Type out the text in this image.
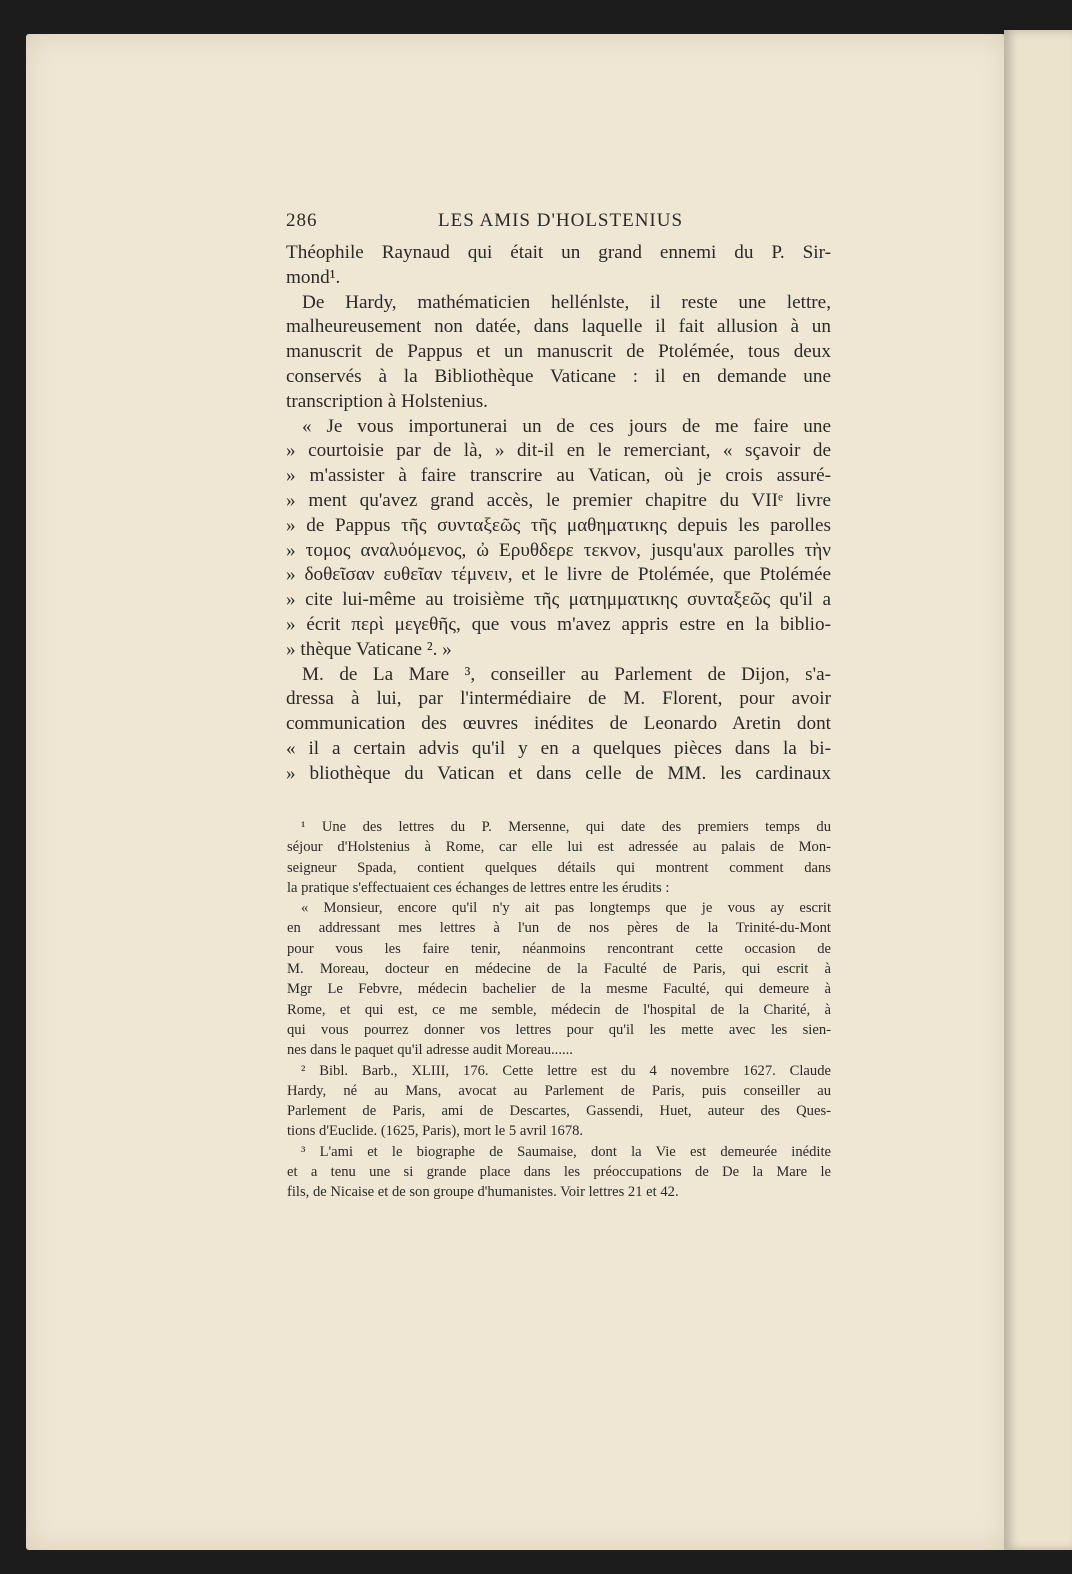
286	LES AMIS D'HOLSTENIUS
Théophile Raynaud qui était un grand ennemi du P. Sir-
mond¹.
De Hardy, mathématicien hellénlste, il reste une lettre,
malheureusement non datée, dans laquelle il fait allusion à un
manuscrit de Pappus et un manuscrit de Ptolémée, tous deux
conservés à la Bibliothèque Vaticane : il en demande une
transcription à Holstenius.
« Je vous importunerai un de ces jours de me faire une
» courtoisie par de là, » dit-il en le remerciant, « sçavoir de
» m'assister à faire transcrire au Vatican, où je crois assuré-
» ment qu'avez grand accès, le premier chapitre du VIIᵉ livre
» de Pappus τῆς συνταξεῶς τῆς μαθηματικης depuis les parolles
» τομος αναλυόμενος, ὠ Ερυθδερε τεκνον, jusqu'aux parolles τὴν
» δοθεῖσαν ευθεῖαν τέμνειν, et le livre de Ptolémée, que Ptolémée
» cite lui-même au troisième τῆς ματημματικης συνταξεῶς qu'il a
» écrit περὶ μεγεθῆς, que vous m'avez appris estre en la biblio-
» thèque Vaticane ². »
M. de La Mare ³, conseiller au Parlement de Dijon, s'a-
dressa à lui, par l'intermédiaire de M. Florent, pour avoir
communication des œuvres inédites de Leonardo Aretin dont
« il a certain advis qu'il y en a quelques pièces dans la bi-
» bliothèque du Vatican et dans celle de MM. les cardinaux
¹ Une des lettres du P. Mersenne, qui date des premiers temps du
séjour d'Holstenius à Rome, car elle lui est adressée au palais de Mon-
seigneur Spada, contient quelques détails qui montrent comment dans
la pratique s'effectuaient ces échanges de lettres entre les érudits :
« Monsieur, encore qu'il n'y ait pas longtemps que je vous ay escrit
en addressant mes lettres à l'un de nos pères de la Trinité-du-Mont
pour vous les faire tenir, néanmoins rencontrant cette occasion de
M. Moreau, docteur en médecine de la Faculté de Paris, qui escrit à
Mgr Le Febvre, médecin bachelier de la mesme Faculté, qui demeure à
Rome, et qui est, ce me semble, médecin de l'hospital de la Charité, à
qui vous pourrez donner vos lettres pour qu'il les mette avec les sien-
nes dans le paquet qu'il adresse audit Moreau......
² Bibl. Barb., XLIII, 176. Cette lettre est du 4 novembre 1627. Claude
Hardy, né au Mans, avocat au Parlement de Paris, puis conseiller au
Parlement de Paris, ami de Descartes, Gassendi, Huet, auteur des Ques-
tions d'Euclide. (1625, Paris), mort le 5 avril 1678.
³ L'ami et le biographe de Saumaise, dont la Vie est demeurée inédite
et a tenu une si grande place dans les préoccupations de De la Mare le
fils, de Nicaise et de son groupe d'humanistes. Voir lettres 21 et 42.
